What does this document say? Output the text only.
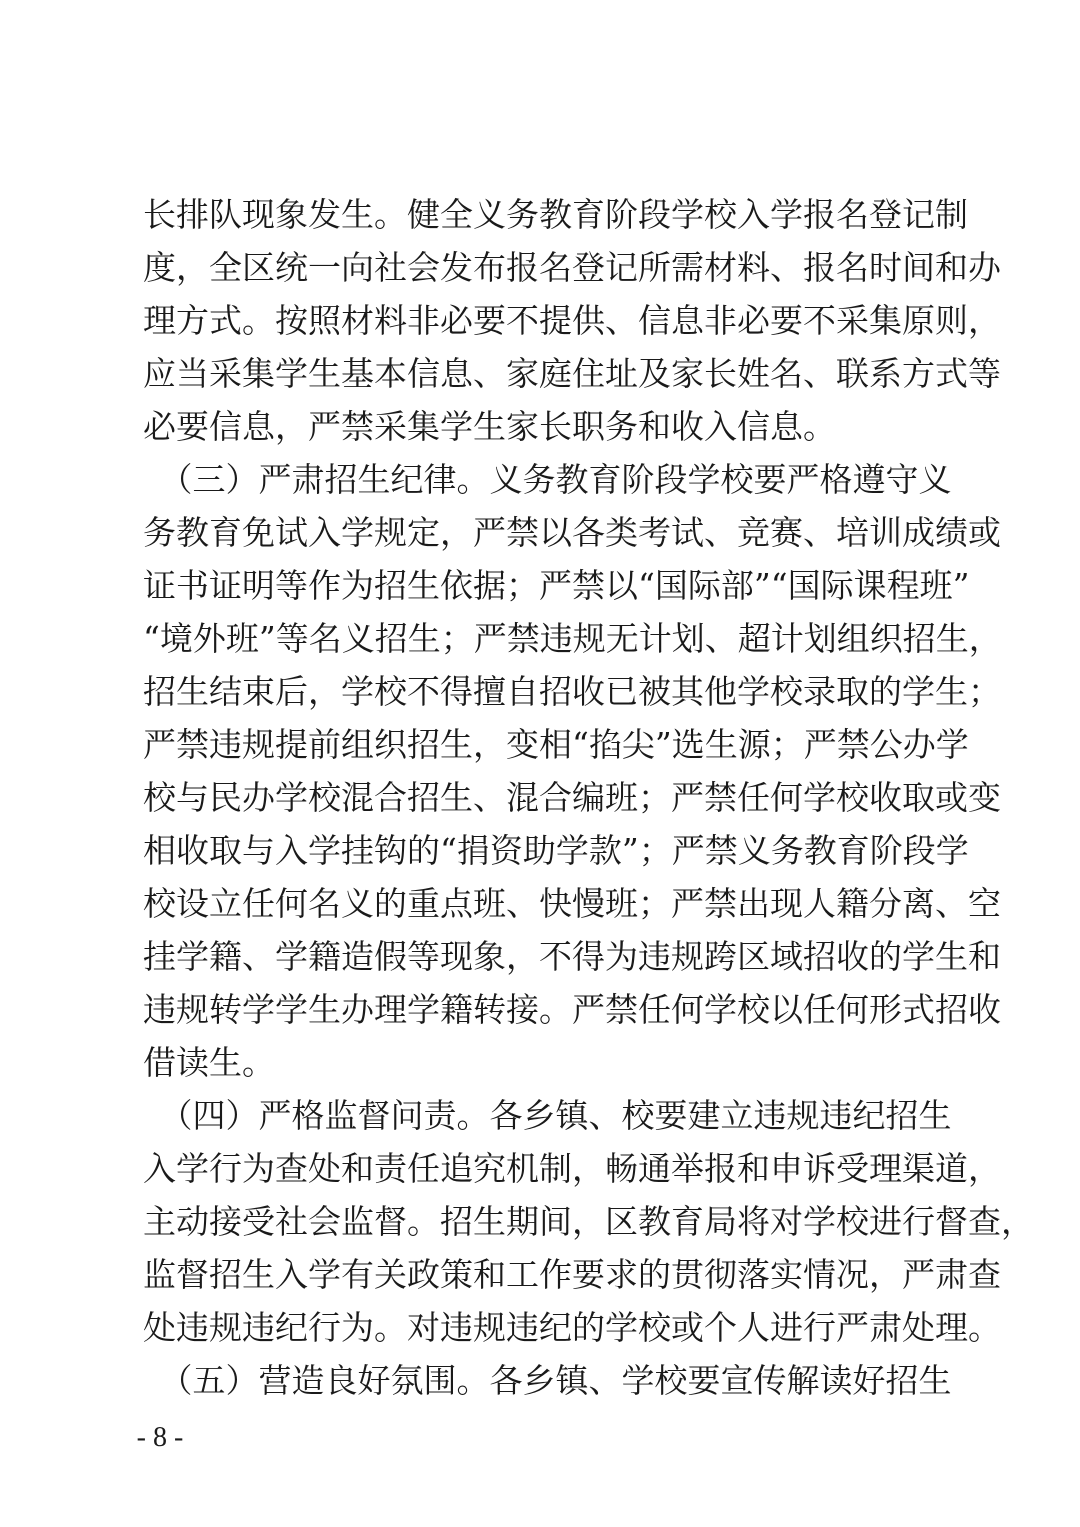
长排队现象发生。健全义务教育阶段学校入学报名登记制
度，全区统一向社会发布报名登记所需材料、报名时间和办
理方式。按照材料非必要不提供、信息非必要不采集原则，
应当采集学生基本信息、家庭住址及家长姓名、联系方式等
必要信息，严禁采集学生家长职务和收入信息。
　（三）严肃招生纪律。义务教育阶段学校要严格遵守义
务教育免试入学规定，严禁以各类考试、竞赛、培训成绩或
证书证明等作为招生依据；严禁以“国际部”“国际课程班”
“境外班”等名义招生；严禁违规无计划、超计划组织招生，
招生结束后，学校不得擅自招收已被其他学校录取的学生；
严禁违规提前组织招生，变相“掐尖”选生源；严禁公办学
校与民办学校混合招生、混合编班；严禁任何学校收取或变
相收取与入学挂钩的“捐资助学款”；严禁义务教育阶段学
校设立任何名义的重点班、快慢班；严禁出现人籍分离、空
挂学籍、学籍造假等现象，不得为违规跨区域招收的学生和
违规转学学生办理学籍转接。严禁任何学校以任何形式招收
借读生。
　（四）严格监督问责。各乡镇、校要建立违规违纪招生
入学行为查处和责任追究机制，畅通举报和申诉受理渠道，
主动接受社会监督。招生期间，区教育局将对学校进行督查，
监督招生入学有关政策和工作要求的贯彻落实情况，严肃查
处违规违纪行为。对违规违纪的学校或个人进行严肃处理。
　（五）营造良好氛围。各乡镇、学校要宣传解读好招生
- 8 -
